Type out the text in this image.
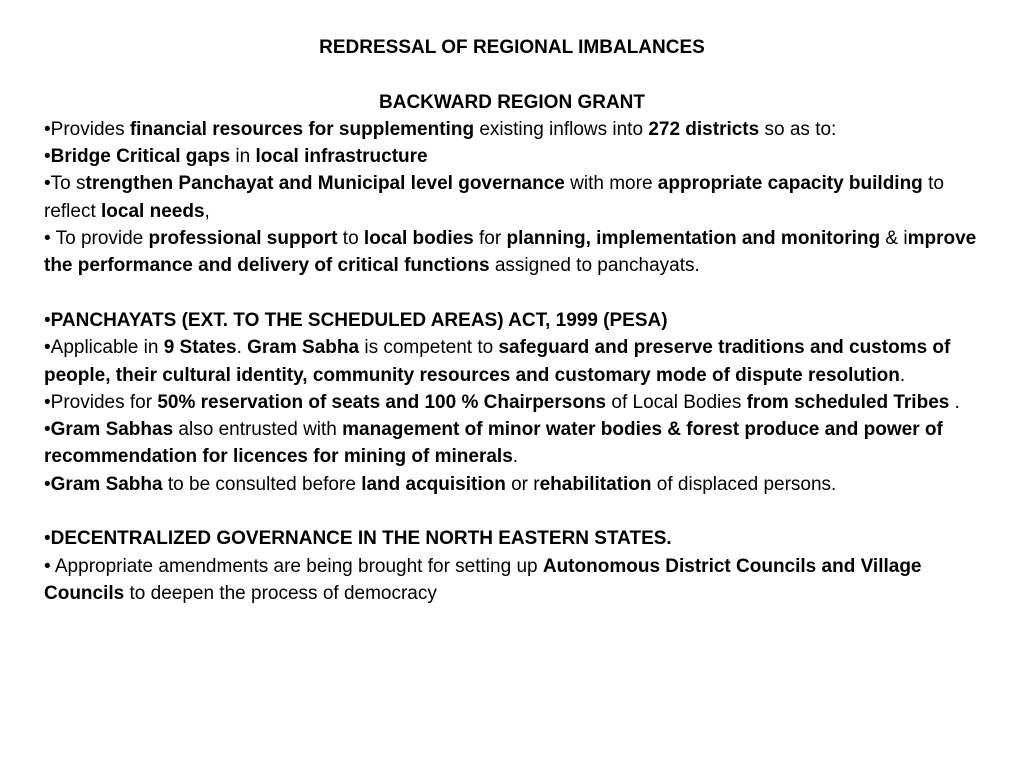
REDRESSAL OF REGIONAL IMBALANCES

BACKWARD REGION GRANT

•Provides financial resources for supplementing existing inflows into 272 districts so as to:

•Bridge Critical gaps in local infrastructure

•To strengthen Panchayat and Municipal level governance with more appropriate capacity building to reflect local needs,

• To provide professional support to local bodies for planning, implementation and monitoring & improve the performance and delivery of critical functions assigned to panchayats.

•PANCHAYATS (EXT. TO THE SCHEDULED AREAS) ACT, 1999 (PESA)

•Applicable in 9 States. Gram Sabha is competent to safeguard and preserve traditions and customs of people, their cultural identity, community resources and customary mode of dispute resolution.

•Provides for 50% reservation of seats and 100 % Chairpersons of Local Bodies from scheduled Tribes .

•Gram Sabhas also entrusted with management of minor water bodies & forest produce and power of recommendation for licences for mining of minerals.

•Gram Sabha to be consulted before land acquisition or rehabilitation of displaced persons.

•DECENTRALIZED GOVERNANCE IN THE NORTH EASTERN STATES.

• Appropriate amendments are being brought for setting up Autonomous District Councils and Village Councils to deepen the process of democracy
